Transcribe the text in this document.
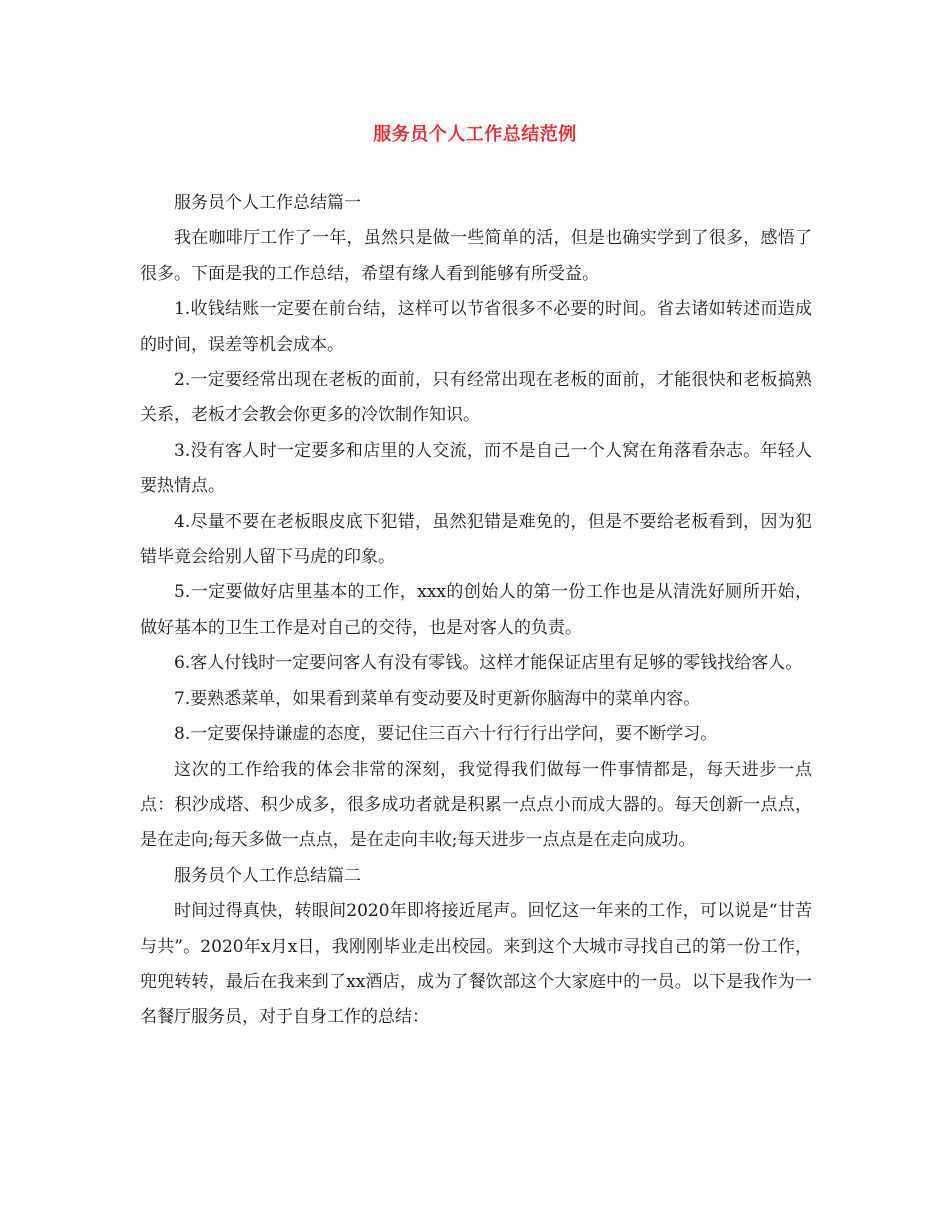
服务员个人工作总结范例

服务员个人工作总结篇一

我在咖啡厅工作了一年，虽然只是做一些简单的活，但是也确实学到了很多，感悟了很多。下面是我的工作总结，希望有缘人看到能够有所受益。

1.收钱结账一定要在前台结，这样可以节省很多不必要的时间。省去诸如转述而造成的时间，误差等机会成本。

2.一定要经常出现在老板的面前，只有经常出现在老板的面前，才能很快和老板搞熟关系，老板才会教会你更多的冷饮制作知识。

3.没有客人时一定要多和店里的人交流，而不是自己一个人窝在角落看杂志。年轻人要热情点。

4.尽量不要在老板眼皮底下犯错，虽然犯错是难免的，但是不要给老板看到，因为犯错毕竟会给别人留下马虎的印象。

5.一定要做好店里基本的工作，xxx的创始人的第一份工作也是从清洗好厕所开始，做好基本的卫生工作是对自己的交待，也是对客人的负责。

6.客人付钱时一定要问客人有没有零钱。这样才能保证店里有足够的零钱找给客人。

7.要熟悉菜单，如果看到菜单有变动要及时更新你脑海中的菜单内容。

8.一定要保持谦虚的态度，要记住三百六十行行行出学问，要不断学习。

这次的工作给我的体会非常的深刻，我觉得我们做每一件事情都是，每天进步一点点：积沙成塔、积少成多，很多成功者就是积累一点点小而成大器的。每天创新一点点，是在走向;每天多做一点点，是在走向丰收;每天进步一点点是在走向成功。

服务员个人工作总结篇二

时间过得真快，转眼间2020年即将接近尾声。回忆这一年来的工作，可以说是“甘苦与共”。2020年x月x日，我刚刚毕业走出校园。来到这个大城市寻找自己的第一份工作，兜兜转转，最后在我来到了xx酒店，成为了餐饮部这个大家庭中的一员。以下是我作为一名餐厅服务员，对于自身工作的总结：
